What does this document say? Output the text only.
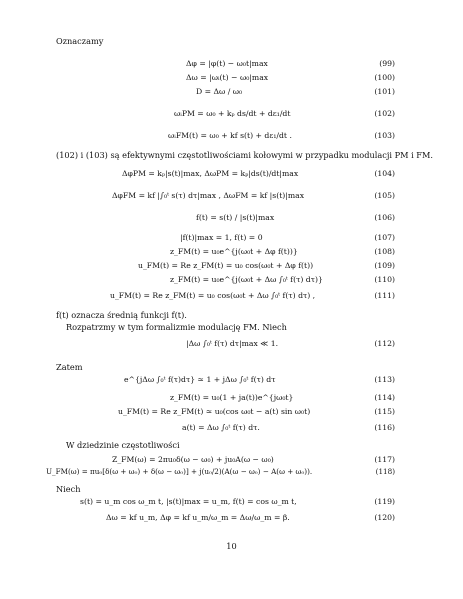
Oznaczamy
Δφ = |φ(t) − ω₀t|max	(99)
Δω = |ωᵢ(t) − ω₀|max	(100)
D = Δω / ω₀	(101)
ωᵢPM = ω₀ + kₚ ds/dt + dε₁/dt	(102)
ωᵢFM(t) = ω₀ + kf s(t) + dε₁/dt .	(103)
(102) i (103) są efektywnymi częstotliwościami kołowymi w przypadku modulacji PM i FM.
ΔφPM = kₚ|s(t)|max, ΔωPM = kₚ|ds(t)/dt|max	(104)
ΔφFM = kf |∫₀ᵗ s(τ) dτ|max , ΔωFM = kf |s(t)|max	(105)
f(t) = s(t) / |s(t)|max	(106)
|f(t)|max = 1, f(t) = 0	(107)
z_FM(t) = u₀e^{j(ω₀t + Δφ f(t))}	(108)
u_FM(t) = Re z_FM(t) = u₀ cos(ω₀t + Δφ f(t))	(109)
z_FM(t) = u₀e^{j(ω₀t + Δω ∫₀ᵗ f(τ) dτ)}	(110)
u_FM(t) = Re z_FM(t) = u₀ cos(ω₀t + Δω ∫₀ᵗ f(τ) dτ) ,	(111)
f(t) oznacza średnią funkcji f(t).
Rozpatrzmy w tym formalizmie modulację FM. Niech
|Δω ∫₀ᵗ f(τ) dτ|max ≪ 1.	(112)
Zatem
e^{jΔω ∫₀ᵗ f(τ)dτ} ≃ 1 + jΔω ∫₀ᵗ f(τ) dτ	(113)
z_FM(t) = u₀(1 + ja(t))e^{jω₀t}	(114)
u_FM(t) = Re z_FM(t) ≃ u₀(cos ω₀t − a(t) sin ω₀t)	(115)
a(t) = Δω ∫₀ᵗ f(τ) dτ.	(116)
W dziedzinie częstotliwości
Z_FM(ω) = 2πu₀δ(ω − ω₀) + ju₀A(ω − ω₀)	(117)
U_FM(ω) = πu₀[δ(ω + ω₀) + δ(ω − ω₀)] + j(u₀/2)(A(ω − ω₀) − A(ω + ω₀)).	(118)
Niech
s(t) = u_m cos ω_m t, |s(t)|max = u_m, f(t) = cos ω_m t,	(119)
Δω = kf u_m, Δφ = kf u_m/ω_m = Δω/ω_m = β.	(120)
10
